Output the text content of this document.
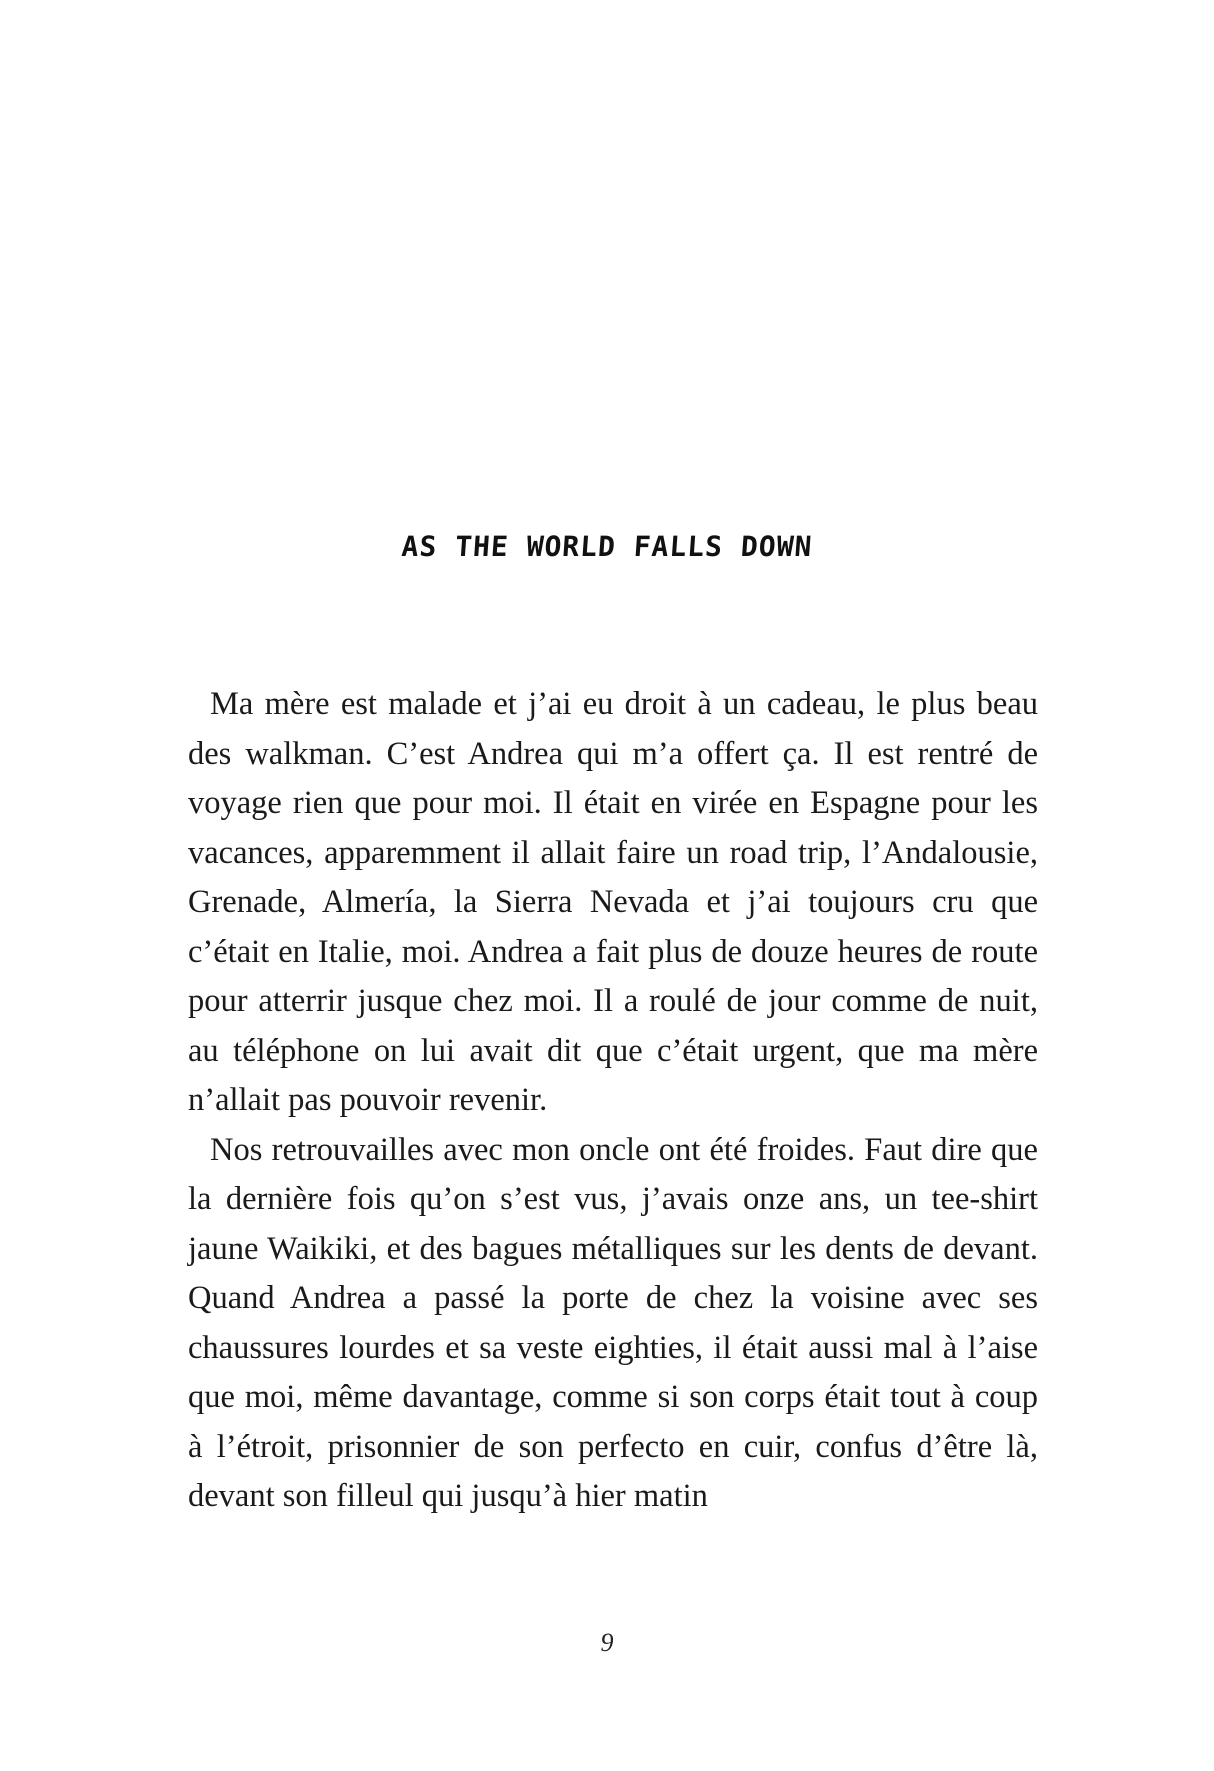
AS THE WORLD FALLS DOWN

Ma mère est malade et j’ai eu droit à un cadeau, le plus beau des walkman. C’est Andrea qui m’a offert ça. Il est rentré de voyage rien que pour moi. Il était en virée en Espagne pour les vacances, apparemment il allait faire un road trip, l’Andalousie, Grenade, Almería, la Sierra Nevada et j’ai toujours cru que c’était en Italie, moi. Andrea a fait plus de douze heures de route pour atterrir jusque chez moi. Il a roulé de jour comme de nuit, au téléphone on lui avait dit que c’était urgent, que ma mère n’allait pas pouvoir revenir.

Nos retrouvailles avec mon oncle ont été froides. Faut dire que la dernière fois qu’on s’est vus, j’avais onze ans, un tee-shirt jaune Waikiki, et des bagues métalliques sur les dents de devant. Quand Andrea a passé la porte de chez la voisine avec ses chaussures lourdes et sa veste eighties, il était aussi mal à l’aise que moi, même davantage, comme si son corps était tout à coup à l’étroit, prisonnier de son perfecto en cuir, confus d’être là, devant son filleul qui jusqu’à hier matin

9
